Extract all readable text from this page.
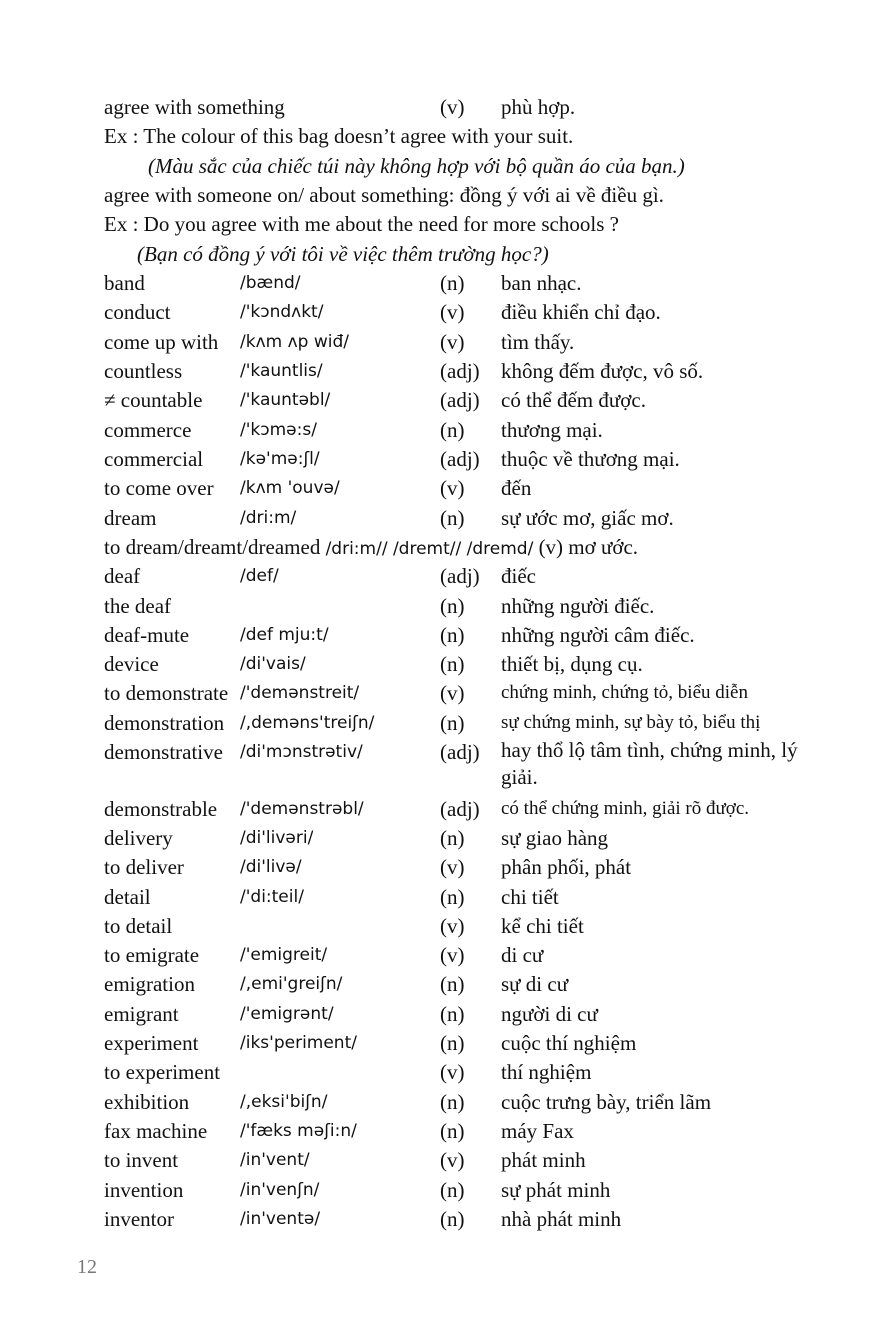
agree with something	(v) phù hợp.
Ex : The colour of this bag doesn’t agree with your suit.
(Màu sắc của chiếc túi này không hợp với bộ quần áo của bạn.)
agree with someone on/ about something: đồng ý với ai về điều gì.
Ex : Do you agree with me about the need for more schools ?
(Bạn có đồng ý với tôi về việc thêm trường học?)
band	/bænd/	(n) ban nhạc.
conduct	/'kɔndʌkt/	(v) điều khiển chỉ đạo.
come up with /kʌm ʌp wiđ/	(v) tìm thấy.
countless	/'kauntlis/	(adj) không đếm được, vô số.
≠ countable /'kauntəbl/	(adj) có thể đếm được.
commerce	/'kɔmə:s/	(n) thương mại.
commercial /kə'mə:ʃl/	(adj) thuộc về thương mại.
to come over /kʌm 'ouvə/	(v) đến
dream	/dri:m/	(n) sự ước mơ, giấc mơ.
to dream/dreamt/dreamed /dri:m// /dremt// /dremd/ (v) mơ ước.
deaf	/def/	(adj) điếc
the deaf	(n) những người điếc.
deaf-mute	/def mju:t/	(n) những người câm điếc.
device	/di'vais/	(n) thiết bị, dụng cụ.
to demonstrate /'demənstreit/	(v) chứng minh, chứng tỏ, biểu diễn
demonstration /,deməns'treiʃn/	(n) sự chứng minh, sự bày tỏ, biểu thị
demonstrative /di'mɔnstrətiv/	(adj) hay thổ lộ tâm tình, chứng minh, lý giải.
demonstrable /'demənstrəbl/	(adj) có thể chứng minh, giải rõ được.
delivery	/di'livəri/	(n) sự giao hàng
to deliver	/di'livə/	(v) phân phối, phát
detail	/'di:teil/	(n) chi tiết
to detail	(v) kể chi tiết
to emigrate /'emigreit/	(v) di cư
emigration	/,emi'greiʃn/	(n) sự di cư
emigrant	/'emigrənt/	(n) người di cư
experiment /iks'periment/	(n) cuộc thí nghiệm
to experiment	(v) thí nghiệm
exhibition	/,eksi'biʃn/	(n) cuộc trưng bày, triển lãm
fax machine /'fæks məʃi:n/	(n) máy Fax
to invent	/in'vent/	(v) phát minh
invention	/in'venʃn/	(n) sự phát minh
inventor	/in'ventə/	(n) nhà phát minh
12
